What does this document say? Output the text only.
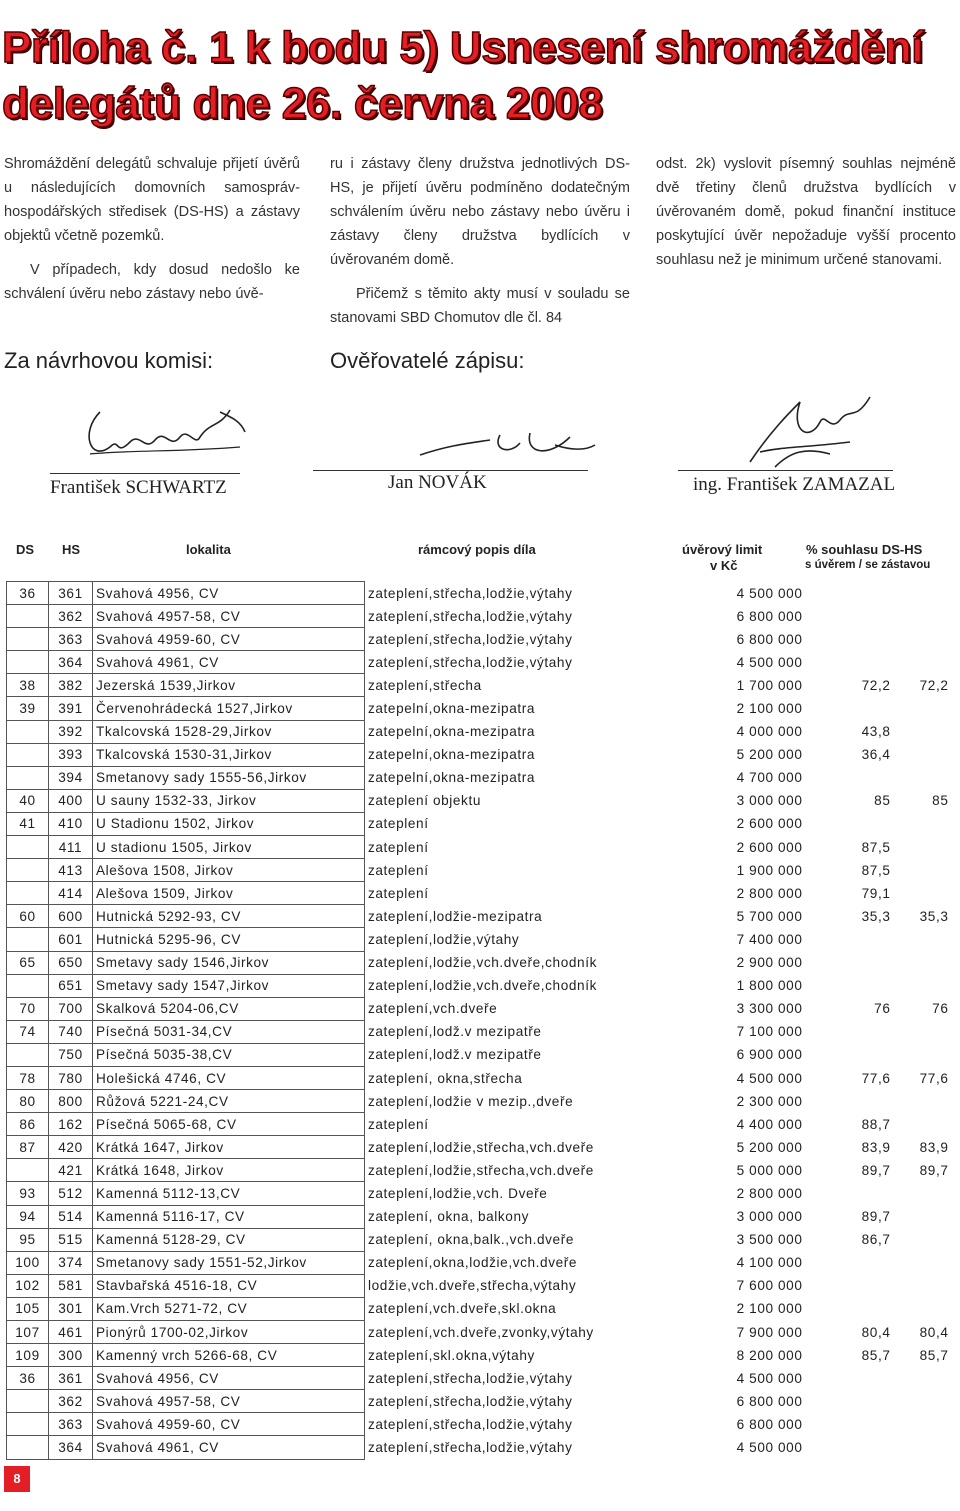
Příloha č. 1 k bodu 5) Usnesení shromáždění
delegátů dne 26. června 2008

Shromáždění delegátů schvaluje přijetí úvěrů u následujících domovních samospráv-hospodářských středisek (DS-HS) a zástavy objektů včetně pozemků.

V případech, kdy dosud nedošlo ke schválení úvěru nebo zástavy nebo úvě-

ru i zástavy členy družstva jednotlivých DS-HS, je přijetí úvěru podmíněno dodatečným schválením úvěru nebo zástavy nebo úvěru i zástavy členy družstva bydlících v úvěrovaném domě.

Přičemž s těmito akty musí v souladu se stanovami SBD Chomutov dle čl. 84

odst. 2k) vyslovit písemný souhlas nejméně dvě třetiny členů družstva bydlících v úvěrovaném domě, pokud finanční instituce poskytující úvěr nepožaduje vyšší procento souhlasu než je minimum určené stanovami.

Za návrhovou komisi:	Ověřovatelé zápisu:
František SCHWARTZ	Jan NOVÁK	ing. František ZAMAZAL
DS HS	lokalita	rámcový popis díla	úvěrový limit
v Kč
% souhlasu DS-HS
s úvěrem / se zástavou
36	361	Svahová 4956, CV	zateplení,střecha,lodžie,výtahy	4 500 000		
	362	Svahová 4957-58, CV	zateplení,střecha,lodžie,výtahy	6 800 000		
	363	Svahová 4959-60, CV	zateplení,střecha,lodžie,výtahy	6 800 000		
	364	Svahová 4961, CV	zateplení,střecha,lodžie,výtahy	4 500 000		
38	382	Jezerská 1539,Jirkov	zateplení,střecha	1 700 000	72,2	72,2
39	391	Červenohrádecká 1527,Jirkov	zatepelní,okna-mezipatra	2 100 000		
	392	Tkalcovská 1528-29,Jirkov	zatepelní,okna-mezipatra	4 000 000	43,8	
	393	Tkalcovská 1530-31,Jirkov	zatepelní,okna-mezipatra	5 200 000	36,4	
	394	Smetanovy sady 1555-56,Jirkov	zatepelní,okna-mezipatra	4 700 000		
40	400	U sauny 1532-33, Jirkov	zateplení objektu	3 000 000	85	85
41	410	U Stadionu 1502, Jirkov	zateplení	2 600 000		
	411	U stadionu 1505, Jirkov	zateplení	2 600 000	87,5	
	413	Alešova 1508, Jirkov	zateplení	1 900 000	87,5	
	414	Alešova 1509, Jirkov	zateplení	2 800 000	79,1	
60	600	Hutnická 5292-93, CV	zateplení,lodžie-mezipatra	5 700 000	35,3	35,3
	601	Hutnická 5295-96, CV	zateplení,lodžie,výtahy	7 400 000		
65	650	Smetavy sady 1546,Jirkov	zateplení,lodžie,vch.dveře,chodník	2 900 000		
	651	Smetavy sady 1547,Jirkov	zateplení,lodžie,vch.dveře,chodník	1 800 000		
70	700	Skalková 5204-06,CV	zateplení,vch.dveře	3 300 000	76	76
74	740	Písečná 5031-34,CV	zateplení,lodž.v mezipatře	7 100 000		
	750	Písečná 5035-38,CV	zateplení,lodž.v mezipatře	6 900 000		
78	780	Holešická 4746, CV	zateplení, okna,střecha	4 500 000	77,6	77,6
80	800	Růžová 5221-24,CV	zateplení,lodžie v mezip.,dveře	2 300 000		
86	162	Písečná 5065-68, CV	zateplení	4 400 000	88,7	
87	420	Krátká 1647, Jirkov	zateplení,lodžie,střecha,vch.dveře	5 200 000	83,9	83,9
	421	Krátká 1648, Jirkov	zateplení,lodžie,střecha,vch.dveře	5 000 000	89,7	89,7
93	512	Kamenná 5112-13,CV	zateplení,lodžie,vch. Dveře	2 800 000		
94	514	Kamenná 5116-17, CV	zateplení, okna, balkony	3 000 000	89,7	
95	515	Kamenná 5128-29, CV	zateplení, okna,balk.,vch.dveře	3 500 000	86,7	
100	374	Smetanovy sady 1551-52,Jirkov	zateplení,okna,lodžie,vch.dveře	4 100 000		
102	581	Stavbařská 4516-18, CV	lodžie,vch.dveře,střecha,výtahy	7 600 000		
105	301	Kam.Vrch 5271-72, CV	zateplení,vch.dveře,skl.okna	2 100 000		
107	461	Pionýrů 1700-02,Jirkov	zateplení,vch.dveře,zvonky,výtahy	7 900 000	80,4	80,4
109	300	Kamenný vrch 5266-68, CV	zateplení,skl.okna,výtahy	8 200 000	85,7	85,7
36	361	Svahová 4956, CV	zateplení,střecha,lodžie,výtahy	4 500 000		
	362	Svahová 4957-58, CV	zateplení,střecha,lodžie,výtahy	6 800 000		
	363	Svahová 4959-60, CV	zateplení,střecha,lodžie,výtahy	6 800 000		
	364	Svahová 4961, CV	zateplení,střecha,lodžie,výtahy	4 500 000		
8
